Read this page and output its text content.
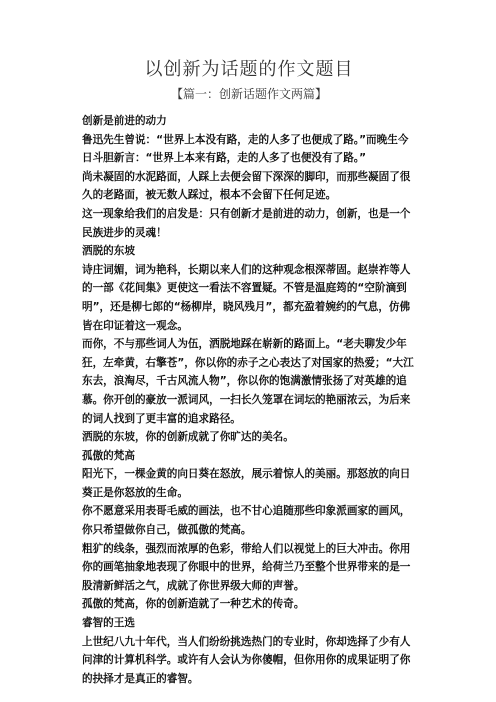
以创新为话题的作文题目
【篇一：创新话题作文两篇】

创新是前进的动力

鲁迅先生曾说：“世界上本没有路，走的人多了也便成了路。”而晚生今日斗胆新言：“世界上本来有路，走的人多了也便没有了路。”

尚未凝固的水泥路面，人踩上去便会留下深深的脚印，而那些凝固了很久的老路面，被无数人踩过，根本不会留下任何足迹。

这一现象给我们的启发是：只有创新才是前进的动力，创新，也是一个民族进步的灵魂！

洒脱的东坡

诗庄词媚，词为艳科，长期以来人们的这种观念根深蒂固。赵崇祚等人的一部《花间集》更使这一看法不容置疑。不管是温庭筠的“空阶滴到明”，还是柳七郎的“杨柳岸，晓风残月”，都充盈着婉约的气息，仿佛皆在印证着这一观念。

而你，不与那些词人为伍，洒脱地踩在崭新的路面上。“老夫聊发少年狂，左牵黄，右擎苍”，你以你的赤子之心表达了对国家的热爱；“大江东去，浪淘尽，千古风流人物”，你以你的饱满激情张扬了对英雄的追慕。你开创的豪放一派词风，一扫长久笼罩在词坛的艳丽浓云，为后来的词人找到了更丰富的追求路径。

洒脱的东坡，你的创新成就了你旷达的美名。

孤傲的梵高

阳光下，一棵金黄的向日葵在怒放，展示着惊人的美丽。那怒放的向日葵正是你怒放的生命。

你不愿意采用表哥毛威的画法，也不甘心追随那些印象派画家的画风，你只希望做你自己，做孤傲的梵高。

粗犷的线条，强烈而浓厚的色彩，带给人们以视觉上的巨大冲击。你用你的画笔抽象地表现了你眼中的世界，给荷兰乃至整个世界带来的是一股清新鲜活之气，成就了你世界级大师的声誉。

孤傲的梵高，你的创新造就了一种艺术的传奇。

睿智的王选

上世纪八九十年代，当人们纷纷挑选热门的专业时，你却选择了少有人问津的计算机科学。或许有人会认为你傻帽，但你用你的成果证明了你的抉择才是真正的睿智。
